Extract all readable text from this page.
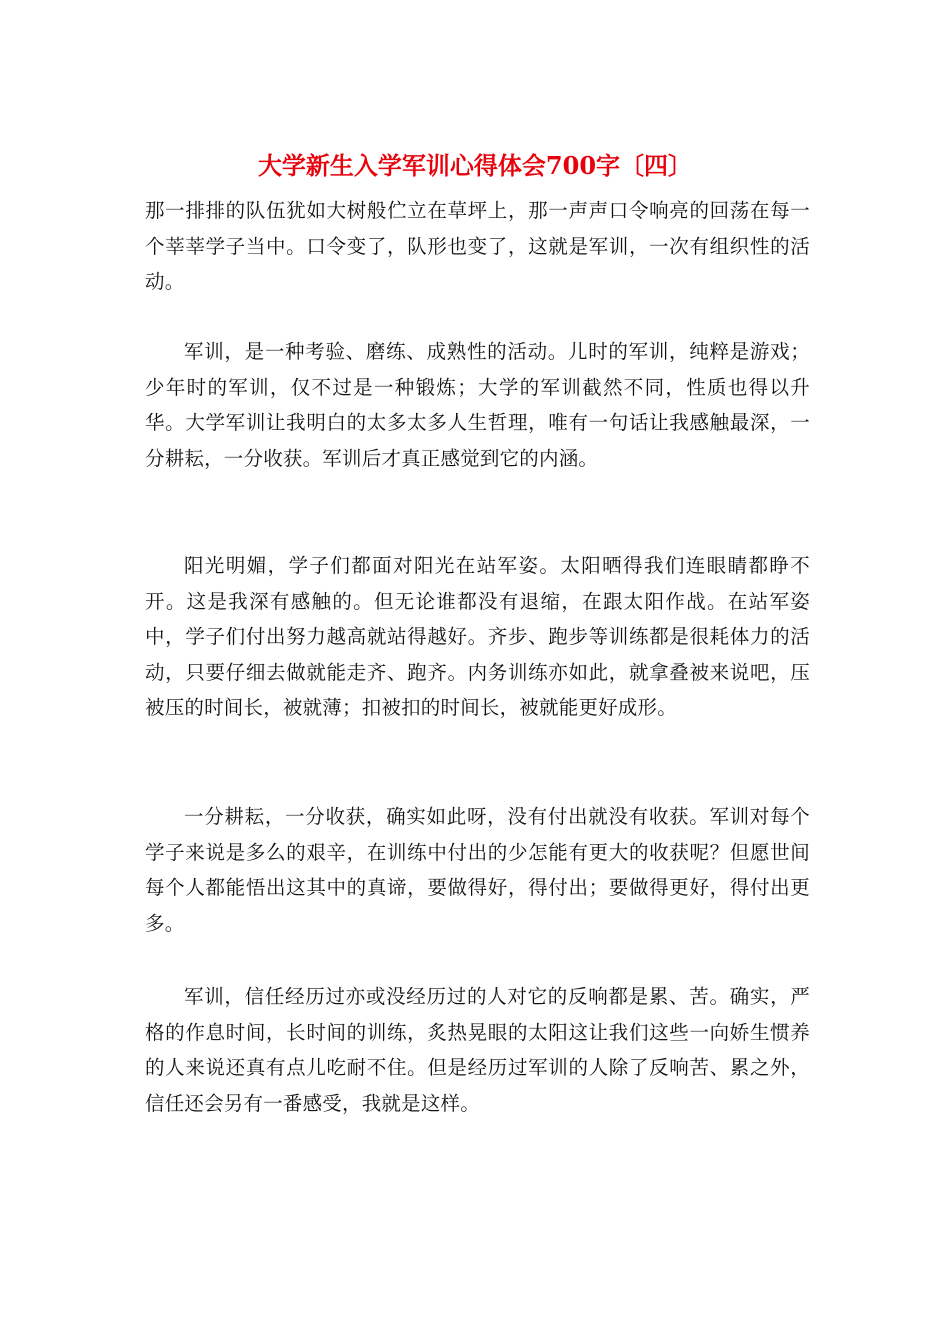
大学新生入学军训心得体会700字〔四〕

那一排排的队伍犹如大树般伫立在草坪上，那一声声口令响亮的回荡在每一个莘莘学子当中。口令变了，队形也变了，这就是军训，一次有组织性的活动。

军训，是一种考验、磨练、成熟性的活动。儿时的军训，纯粹是游戏；少年时的军训，仅不过是一种锻炼；大学的军训截然不同，性质也得以升华。大学军训让我明白的太多太多人生哲理，唯有一句话让我感触最深，一分耕耘，一分收获。军训后才真正感觉到它的内涵。

阳光明媚，学子们都面对阳光在站军姿。太阳晒得我们连眼睛都睁不开。这是我深有感触的。但无论谁都没有退缩，在跟太阳作战。在站军姿中，学子们付出努力越高就站得越好。齐步、跑步等训练都是很耗体力的活动，只要仔细去做就能走齐、跑齐。内务训练亦如此，就拿叠被来说吧，压被压的时间长，被就薄；扣被扣的时间长，被就能更好成形。

一分耕耘，一分收获，确实如此呀，没有付出就没有收获。军训对每个学子来说是多么的艰辛，在训练中付出的少怎能有更大的收获呢？但愿世间每个人都能悟出这其中的真谛，要做得好，得付出；要做得更好，得付出更多。

军训，信任经历过亦或没经历过的人对它的反响都是累、苦。确实，严格的作息时间，长时间的训练，炙热晃眼的太阳这让我们这些一向娇生惯养的人来说还真有点儿吃耐不住。但是经历过军训的人除了反响苦、累之外，信任还会另有一番感受，我就是这样。
